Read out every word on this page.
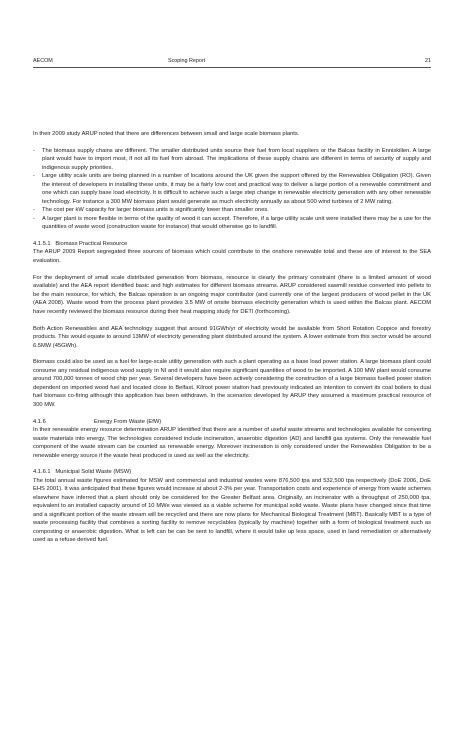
AECOM	Scoping Report	21

In their 2009 study ARUP noted that there are differences between small and large scale biomass plants.

- The biomass supply chains are different. The smaller distributed units source their fuel from local suppliers or the Balcas facility in Enniskillen. A large plant would have to import most, if not all its fuel from abroad. The implications of these supply chains are different in terms of security of supply and indigenous supply priorities.
- Large utility scale units are being planned in a number of locations around the UK given the support offered by the Renewables Obligation (RO). Given the interest of developers in installing these units, it may be a fairly low cost and practical way to deliver a large portion of a renewable commitment and one which can supply base load electricity. It is difficult to achieve such a large step change in renewable electricity generation with any other renewable technology. For instance a 300 MW biomass plant would generate as much electricity annually as about 500 wind turbines of 2 MW rating.
- The cost per kW capacity for larger biomass units is significantly lower than smaller ones.
- A larger plant is more flexible in terms of the quality of wood it can accept. Therefore, if a large utility scale unit were installed there may be a use for the quantities of waste wood (construction waste for instance) that would otherwise go to landfill.

4.1.5.1 Biomass Practical Resource

The ARUP 2009 Report segregated three sources of biomass which could contribute to the onshore renewable total and these are of interest to the SEA evaluation.

For the deployment of small scale distributed generation from biomass, resource is clearly the primary constraint (there is a limited amount of wood available) and the AEA report identified basic and high estimates for different biomass streams. ARUP considered sawmill residue converted into pellets to be the main resource, for which, the Balcas operation is an ongoing major contributor (and currently one of the largest producers of wood pellet in the UK (AEA 2008). Waste wood from the process plant provides 3.5 MW of onsite biomass electricity generation which is used within the Balcas plant. AECOM have recently reviewed the biomass resource during their heat mapping study for DETI (forthcoming).

Both Action Renewables and AEA technology suggest that around 91GWh/yr of electricity would be available from Short Rotation Coppice and forestry products. This would equate to around 13MW of electricity generating plant distributed around the system. A lower estimate from this sector would be around 6.5MW (45GWh).

Biomass could also be used as a fuel for large-scale utility generation with such a plant operating as a base load power station. A large biomass plant could consume any residual indigenous wood supply in NI and it would also require significant quantities of wood to be imported. A 100 MW plant would consume around 700,000 tonnes of wood chip per year. Several developers have been actively considering the construction of a large biomass fuelled power station dependent on imported wood fuel and located close to Belfast. Kilroot power station had previously indicated an intention to convert its coal boilers to dual fuel biomass co-firing although this application has been withdrawn. In the scenarios developed by ARUP they assumed a maximum practical resource of 300 MW.

4.1.6	Energy From Waste (EfW)

In their renewable energy resource determination ARUP identified that there are a number of useful waste streams and technologies available for converting waste materials into energy. The technologies considered include incineration, anaerobic digestion (AD) and landfill gas systems. Only the renewable fuel component of the waste stream can be counted as renewable energy. Moreover incineration is only considered under the Renewables Obligation to be a renewable energy source if the waste heat produced is used as well as the electricity.

4.1.6.1 Municipal Solid Waste (MSW)

The total annual waste figures estimated for MSW and commercial and industrial wastes were 876,500 tpa and 532,500 tpa respectively (DoE 2006, DoE EHS 2001). It was anticipated that these figures would increase at about 2-3% per year. Transportation costs and experience of energy from waste schemes elsewhere have inferred that a plant should only be considered for the Greater Belfast area. Originally, an incinerator with a throughput of 250,000 tpa, equivalent to an installed capacity around of 10 MWe was viewed as a viable scheme for municipal solid waste. Waste plans have changed since that time and a significant portion of the waste stream will be recycled and there are now plans for Mechanical Biological Treatment (MBT). Basically MBT is a type of waste processing facility that combines a sorting facility to remove recyclables (typically by machine) together with a form of biological treatment such as composting or anaerobic digestion. What is left can be can be sent to landfill, where it would take up less space, used in land remediation or alternatively used as a refuse derived fuel.
